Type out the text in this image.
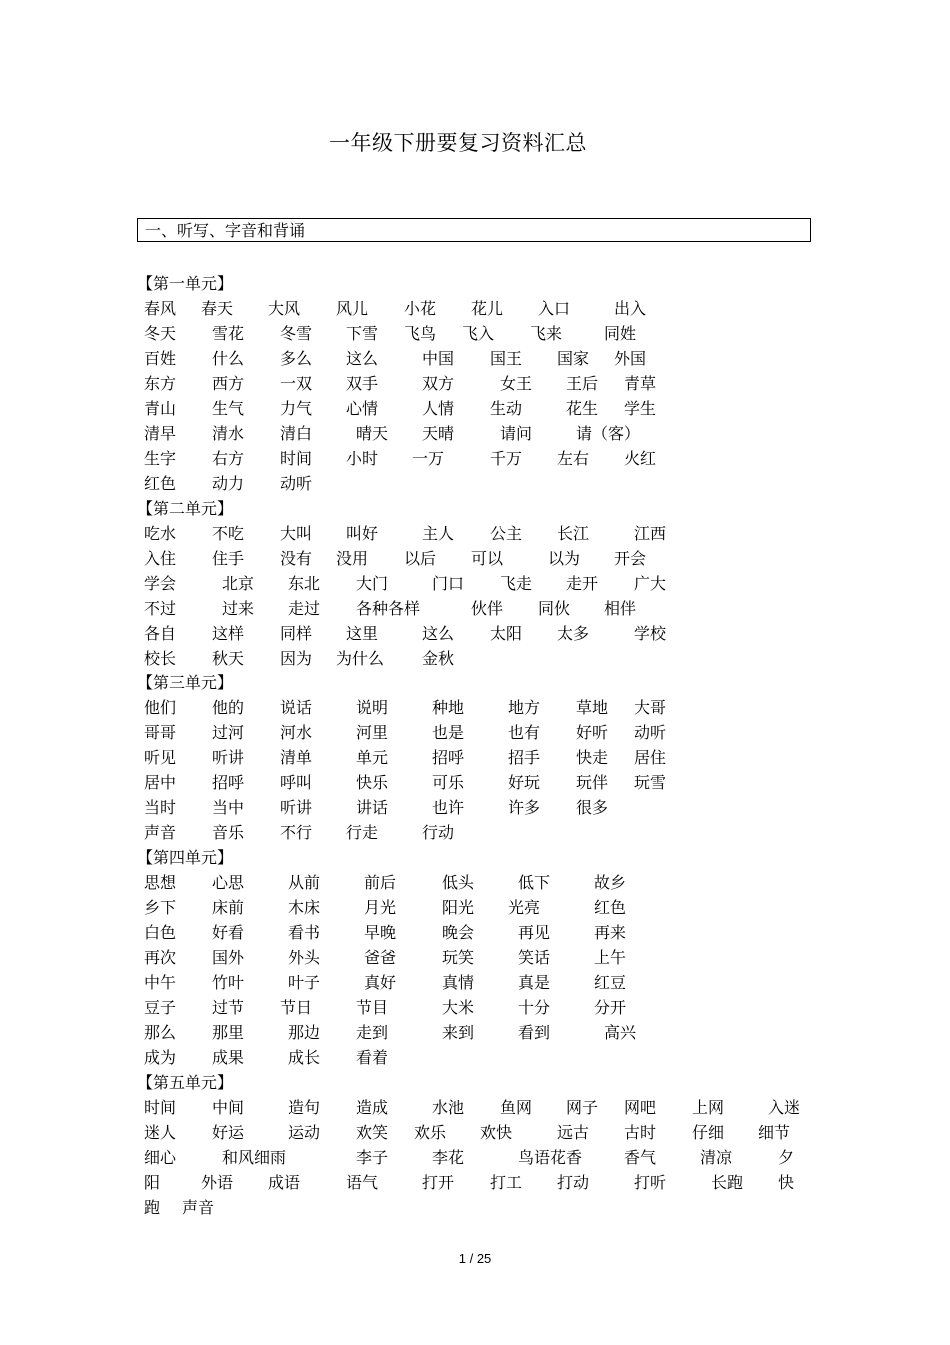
一年级下册要复习资料汇总
一、听写、字音和背诵
【第一单元】
春风 春天 大风 风儿 小花 花儿 入口	出入
冬天 雪花 冬雪 下雪 飞鸟 飞入 飞来	同姓
百姓 什么 多么 这么	中国 国王 国家 外国
东方 西方 一双 双手	双方	女王 王后 青草
青山 生气 力气 心情	人情 生动	花生 学生
清早 清水 清白	晴天 天晴	请问	请（客）
生字 右方 时间 小时 一万	千万 左右 火红
红色 动力 动听
【第二单元】
吃水 不吃 大叫 叫好	主人 公主 长江	江西
入住 住手 没有 没用 以后 可以	以为 开会
学会	北京 东北 大门	门口 飞走 走开 广大
不过	过来 走过 各种各样	伙伴 同伙 相伴
各自 这样 同样 这里	这么 太阳 太多	学校
校长 秋天 因为 为什么 金秋
【第三单元】
他们 他的 说话	说明	种地	地方 草地 大哥
哥哥 过河 河水	河里	也是	也有 好听 动听
听见 听讲 清单	单元	招呼	招手 快走 居住
居中 招呼 呼叫	快乐	可乐	好玩 玩伴 玩雪
当时 当中 听讲	讲话	也许	许多 很多
声音 音乐 不行 行走	行动
【第四单元】
思想 心思	从前	前后	低头	低下	故乡
乡下 床前	木床	月光	阳光 光亮	红色
白色 好看	看书	早晚	晚会	再见	再来
再次 国外	外头	爸爸	玩笑	笑话	上午
中午 竹叶	叶子	真好	真情	真是	红豆
豆子 过节 节日	节目	大米	十分	分开
那么 那里	那边 走到	来到	看到	高兴
成为 成果	成长 看着
【第五单元】
时间 中间	造句 造成	水池 鱼网 网子 网吧 上网	入迷
迷人 好运	运动 欢笑 欢乐 欢快	远古 古时 仔细 细节
细心	和风细雨	李子	李花	鸟语花香	香气	清凉	夕
阳	外语 成语	语气	打开 打工 打动	打听	长跑 快
跑 声音
1 / 25
